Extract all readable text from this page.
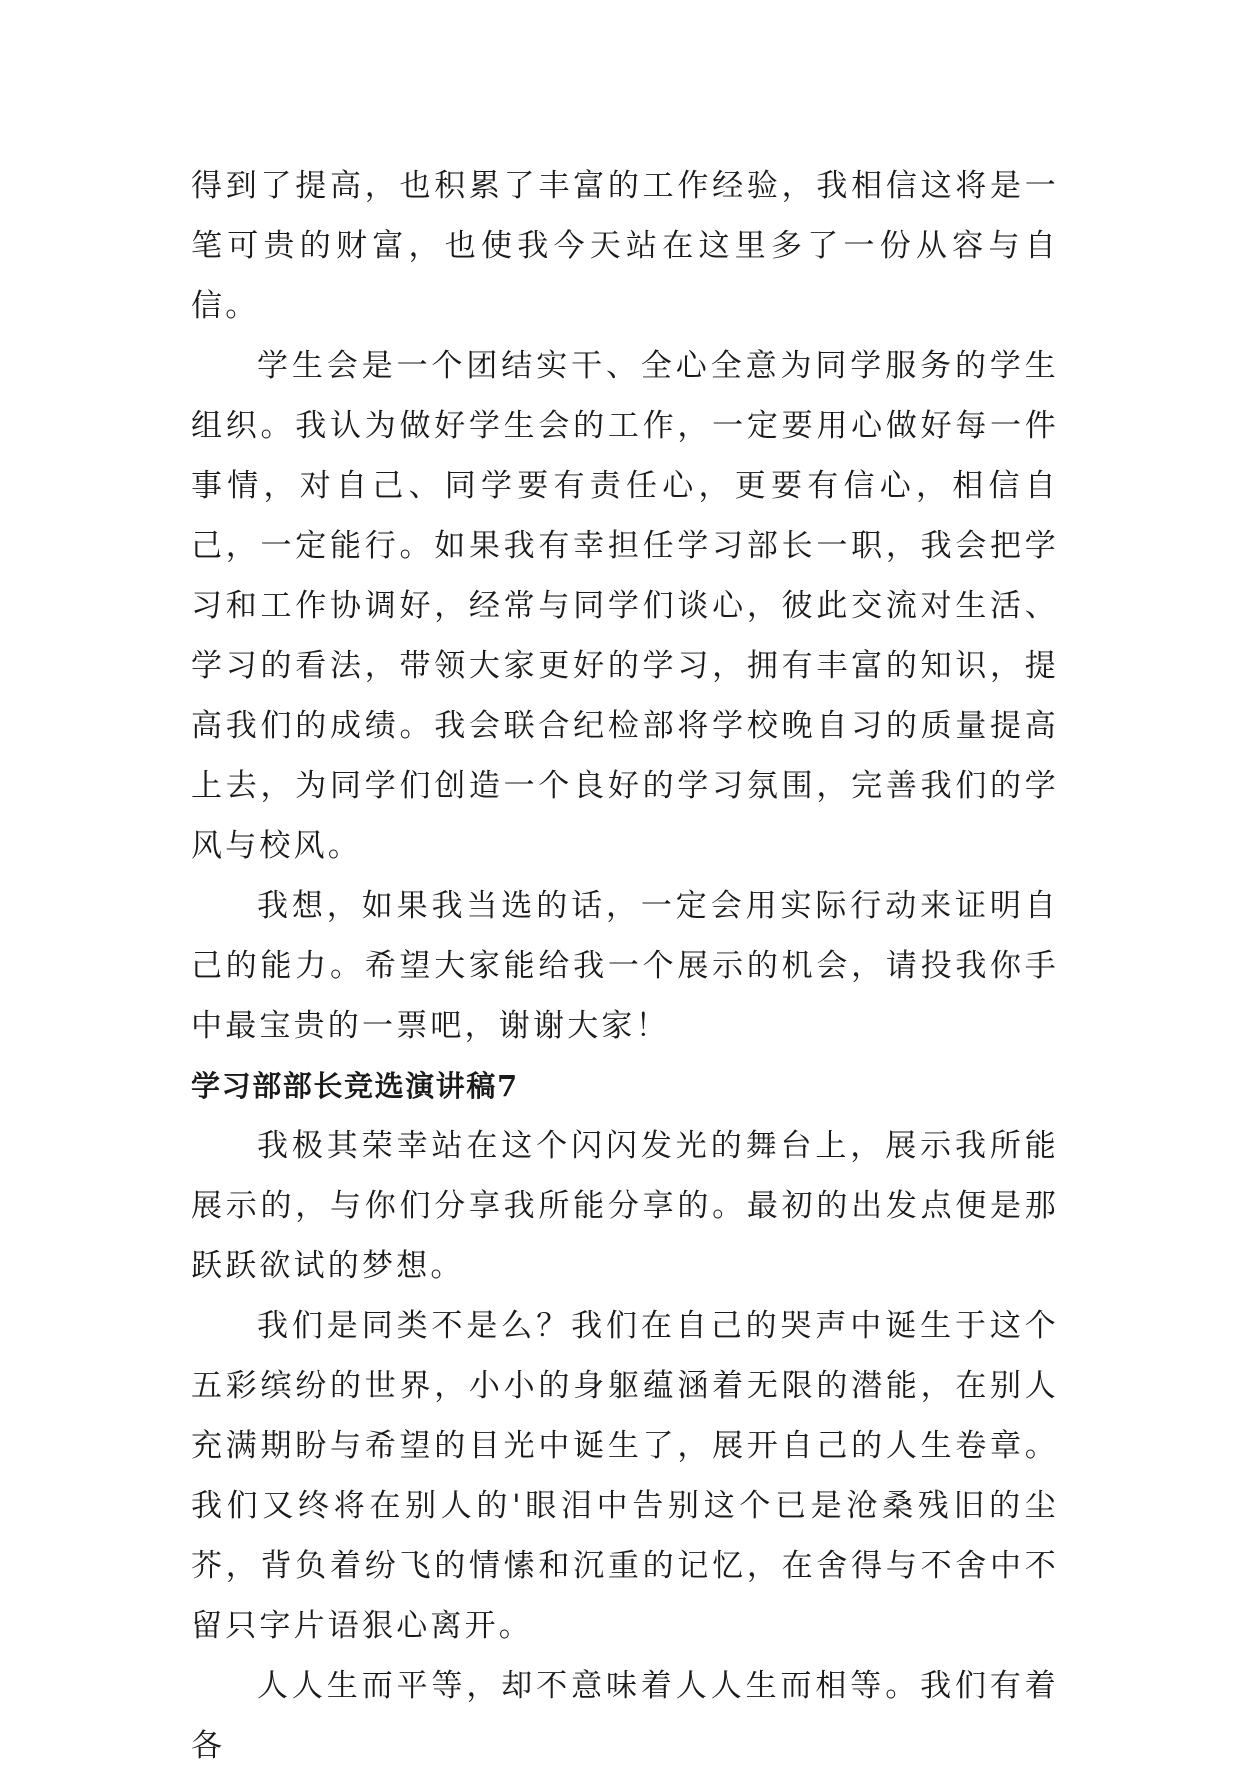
得到了提高，也积累了丰富的工作经验，我相信这将是一笔可贵的财富，也使我今天站在这里多了一份从容与自信。

学生会是一个团结实干、全心全意为同学服务的学生组织。我认为做好学生会的工作，一定要用心做好每一件事情，对自己、同学要有责任心，更要有信心，相信自己，一定能行。如果我有幸担任学习部长一职，我会把学习和工作协调好，经常与同学们谈心，彼此交流对生活、学习的看法，带领大家更好的学习，拥有丰富的知识，提高我们的成绩。我会联合纪检部将学校晚自习的质量提高上去，为同学们创造一个良好的学习氛围，完善我们的学风与校风。

我想，如果我当选的话，一定会用实际行动来证明自己的能力。希望大家能给我一个展示的机会，请投我你手中最宝贵的一票吧，谢谢大家！

学习部部长竞选演讲稿7

我极其荣幸站在这个闪闪发光的舞台上，展示我所能展示的，与你们分享我所能分享的。最初的出发点便是那跃跃欲试的梦想。

我们是同类不是么？我们在自己的哭声中诞生于这个五彩缤纷的世界，小小的身躯蕴涵着无限的潜能，在别人充满期盼与希望的目光中诞生了，展开自己的人生卷章。我们又终将在别人的'眼泪中告别这个已是沧桑残旧的尘芥，背负着纷飞的情愫和沉重的记忆，在舍得与不舍中不留只字片语狠心离开。

人人生而平等，却不意味着人人生而相等。我们有着各
